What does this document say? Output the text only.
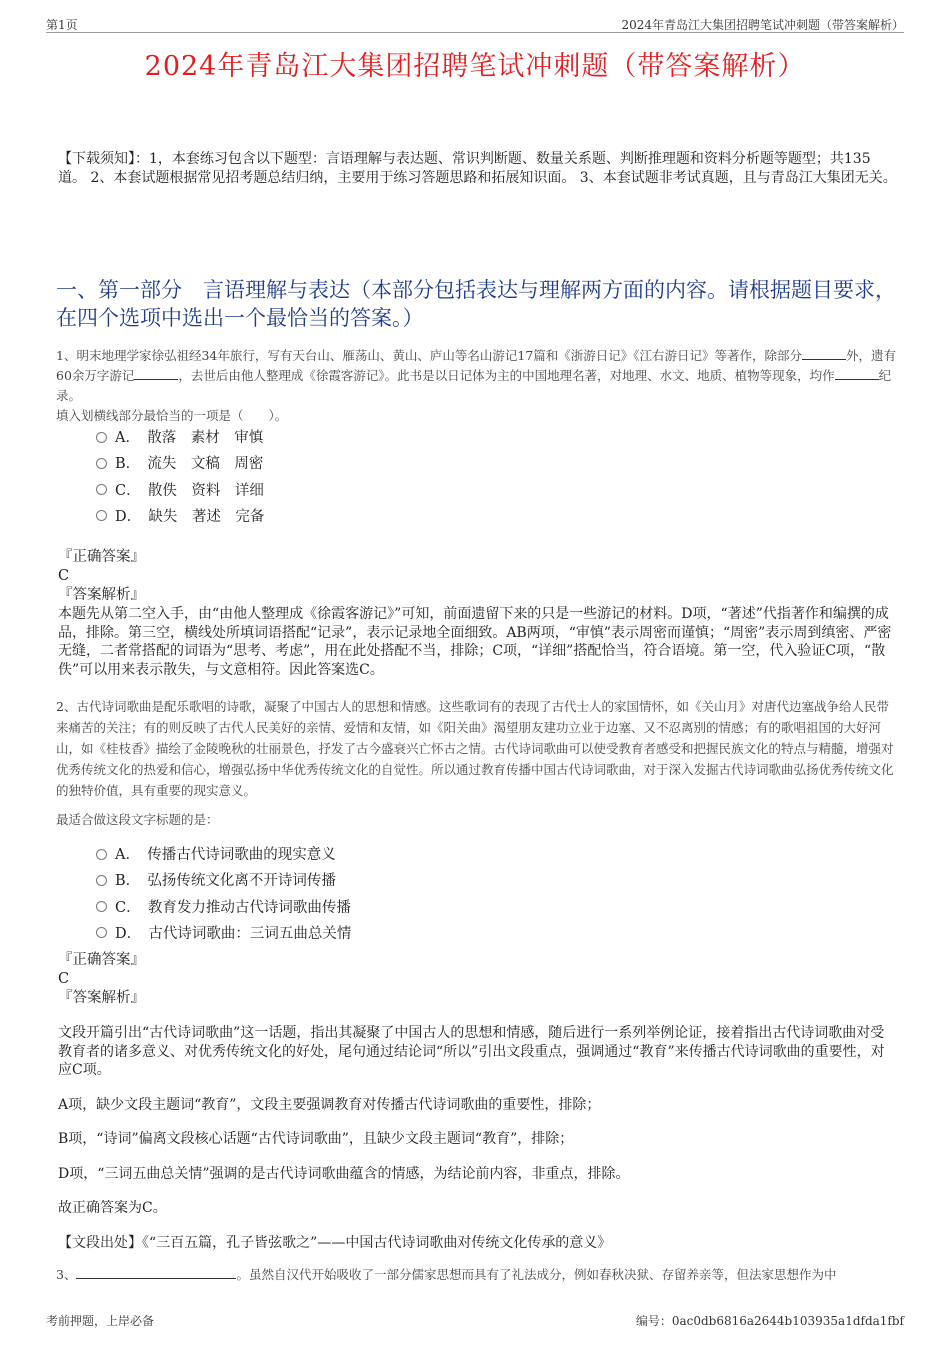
第1页	2024年青岛江大集团招聘笔试冲刺题（带答案解析）
2024年青岛江大集团招聘笔试冲刺题（带答案解析）
【下载须知】：1，本套练习包含以下题型：言语理解与表达题、常识判断题、数量关系题、判断推理题和资料分析题等题型；共135道。 2、本套试题根据常见招考题总结归纳，主要用于练习答题思路和拓展知识面。 3、本套试题非考试真题，且与青岛江大集团无关。
一、第一部分　言语理解与表达（本部分包括表达与理解两方面的内容。请根据题目要求，在四个选项中选出一个最恰当的答案。）
1、明末地理学家徐弘祖经34年旅行，写有天台山、雁荡山、黄山、庐山等名山游记17篇和《浙游日记》《江右游日记》等著作，除部分	外，遗有60余万字游记	，去世后由他人整理成《徐霞客游记》。此书是以日记体为主的中国地理名著，对地理、水文、地质、植物等现象，均作	纪录。
填入划横线部分最恰当的一项是（　　）。
A．　 散落　素材　审慎
B．　 流失　文稿　周密
C．　 散佚　资料　详细
D．　 缺失　著述　完备
『正确答案』
C
『答案解析』
本题先从第二空入手，由“由他人整理成《徐霞客游记》”可知，前面遗留下来的只是一些游记的材料。D项，“著述”代指著作和编撰的成品，排除。第三空，横线处所填词语搭配“记录”，表示记录地全面细致。AB两项，“审慎”表示周密而谨慎；“周密”表示周到缜密、严密无缝，二者常搭配的词语为“思考、考虑”，用在此处搭配不当，排除；C项，“详细”搭配恰当，符合语境。第一空，代入验证C项，“散佚”可以用来表示散失，与文意相符。因此答案选C。
2、古代诗词歌曲是配乐歌唱的诗歌，凝聚了中国古人的思想和情感。这些歌词有的表现了古代士人的家国情怀，如《关山月》对唐代边塞战争给人民带来痛苦的关注；有的则反映了古代人民美好的亲情、爱情和友情，如《阳关曲》渴望朋友建功立业于边塞、又不忍离别的情感；有的歌唱祖国的大好河山，如《桂枝香》描绘了金陵晚秋的壮丽景色，抒发了古今盛衰兴亡怀古之情。古代诗词歌曲可以使受教育者感受和把握民族文化的特点与精髓，增强对优秀传统文化的热爱和信心，增强弘扬中华优秀传统文化的自觉性。所以通过教育传播中国古代诗词歌曲，对于深入发掘古代诗词歌曲弘扬优秀传统文化的独特价值，具有重要的现实意义。
最适合做这段文字标题的是：
A．　 传播古代诗词歌曲的现实意义
B．　 弘扬传统文化离不开诗词传播
C．　 教育发力推动古代诗词歌曲传播
D．　 古代诗词歌曲：三词五曲总关情
『正确答案』
C
『答案解析』

文段开篇引出“古代诗词歌曲”这一话题，指出其凝聚了中国古人的思想和情感，随后进行一系列举例论证，接着指出古代诗词歌曲对受教育者的诸多意义、对优秀传统文化的好处，尾句通过结论词“所以”引出文段重点，强调通过“教育”来传播古代诗词歌曲的重要性，对应C项。

A项，缺少文段主题词“教育”，文段主要强调教育对传播古代诗词歌曲的重要性，排除；

B项，“诗词”偏离文段核心话题“古代诗词歌曲”，且缺少文段主题词“教育”，排除；

D项，“三词五曲总关情”强调的是古代诗词歌曲蕴含的情感，为结论前内容，非重点，排除。

故正确答案为C。

【文段出处】《“三百五篇，孔子皆弦歌之”——中国古代诗词歌曲对传统文化传承的意义》

3、	。虽然自汉代开始吸收了一部分儒家思想而具有了礼法成分，例如春秋决狱、存留养亲等，但法家思想作为中
考前押题，上岸必备	编号：0ac0db6816a2644b103935a1dfda1fbf
